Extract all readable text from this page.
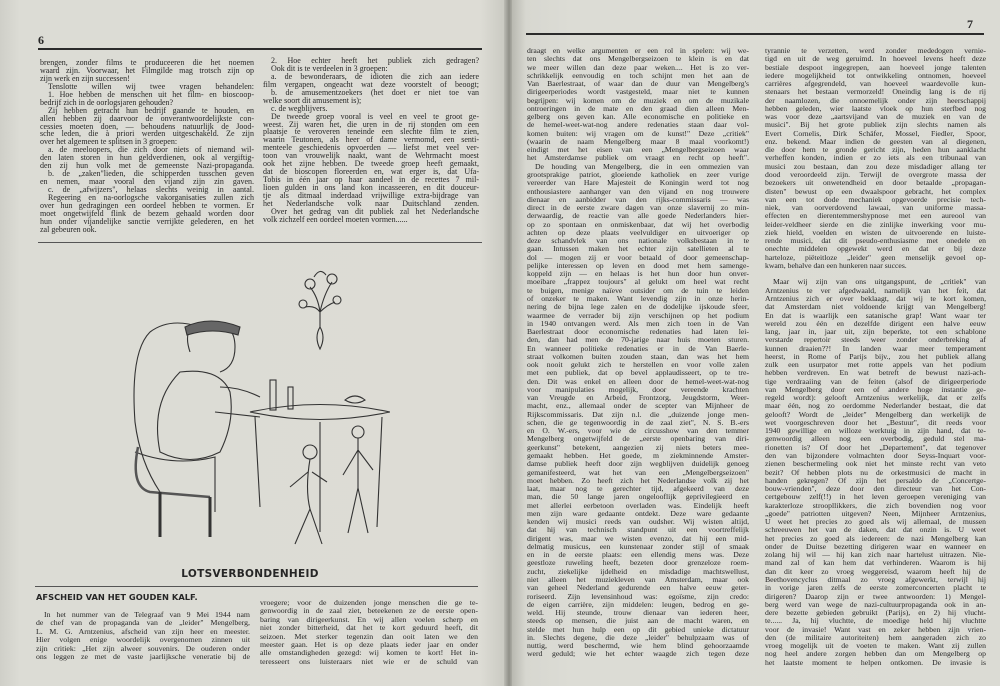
6
brengen, zonder films te produceeren die het noemen
waard zijn. Voorwaar, het Filmgilde mag trotsch zijn op
zijn werk en zijn successen!
Tenslotte willen wij twee vragen behandelen:
1. Hoe hebben de menschen uit het film- en bioscoop-
bedrijf zich in de oorlogsjaren gehouden?
Zij hebben getracht hun bedrijf gaande te houden, en
allen hebben zij daarvoor de onverantwoordelijkste con-
cessies moeten doen, — behoudens natuurlijk de Jood-
sche leden, die à priori werden uitgeschakeld. Ze zijn
over het algemeen te splitsen in 3 groepen:
a. de meeloopers, die zich door niets of niemand wil-
den laten storen in hun geldverdienen, ook al vergiftig-
den zij hun volk met de gemeenste Nazi-propaganda.
b. de „zaken"lieden, die schipperden tusschen geven
en nemen, maar vooral den vijand zijn zin gaven.
c. de „afwijzers", helaas slechts weinig in aantal.
Regeering en na-oorlogsche vakorganisaties zullen zich
over hun gedragingen een oordeel hebben te vormen. Er
moet ongetwijfeld flink de bezem gehaald worden door
hun onder vijandelijke sanctie verrijkte gelederen, en het
zal gebeuren ook.
2. Hoe echter heeft het publiek zich gedragen?
Ook dit is te verdeelen in 3 groepen:
a. de bewonderaars, de idioten die zich aan iedere
film vergapen, ongeacht wat deze voorstelt of beoogt;
b. de amusementzoekers (het doet er niet toe van
welke soort dit amusement is);
c. de wegblijvers.
De tweede groep vooral is veel en veel te groot ge-
weest. Zij waren het, die uren in de rij stonden om een
plaatsje te veroveren teneinde een slechte film te zien,
waarin Teutonen, als heer of dame vermomd, een senti-
menteele geschiedenis opvoerden — liefst met veel ver-
toon van vrouwelijk naakt, want de Wehrmacht moest
ook het zijne hebben. De tweede groep heeft gemaakt,
dat de bioscopen floreerden en, wat erger is, dat Ufa-
Tobis in één jaar op haar aandeel in de recettes 7 mil-
lioen gulden in ons land kon incasseeren, en dit douceur-
tje als ditmaal inderdaad vrijwillige extra-bijdrage van
het Nederlandsche volk naar Duitschland zenden.
Over het gedrag van dit publiek zal het Nederlandsche
volk zichzelf een oordeel moeten vormen......
LOTSVERBONDENHEID
AFSCHEID VAN HET GOUDEN KALF.
In het nummer van de Telegraaf van 9 Mei 1944 nam
de chef van de propaganda van de „leider" Mengelberg,
L. M. G. Arntzenius, afscheid van zijn heer en meester.
Hier volgen enige woordelijk overgenomen zinnen uit
zijn critiek: „Het zijn alweer souvenirs. De ouderen onder
ons leggen ze met de vaste jaarlijksche veneratie bij de
vroegere; voor de duizenden jonge menschen die ge te-
genwoordig in de zaal ziet, beteekenen ze de eerste open-
baring van dirigeerkunst. En wij allen voelen scherp en
niet zonder bitterheid, dat het te kort geduurd heeft, dit
seizoen. Met sterker tegenzin dan ooit laten we den
meester gaan. Het is op deze plaats ieder jaar en onder
alle omstandigheden gezegd: wij komen te kort! Het in-
teresseert ons luisteraars niet wie er de schuld van
7
draagt en welke argumenten er een rol in spelen: wij we-
ten slechts dat ons Mengelbergseizoen te klein is en dat
we meer willen dan deze paar weken.... Het is zo ver-
schrikkelijk eenvoudig en toch schijnt men het aan de
Van Baerlestraat, of waar dan de duur van Mengelberg's
dirigeerperiodes wordt vastgesteld, maar niet te kunnen
begrijpen: wij komen om de muziek en om de muzikale
ontroeringen in de mate en den graad dien alleen Men-
gelberg ons geven kan. Alle economische en politieke en
de hemel-weet-wat-nog andere redenaties staan daar vol-
komen buiten: wij vragen om de kunst!" Deze „critiek"
(waarin de naam Mengelberg maar 8 maal voorkomt!)
eindigt met het eisen van een „Mengelbergseizoen waar
het Amsterdamse publiek om vraagt en recht op heeft".
De houding van Mengelberg, die in een ommezien van
grootsprakige patriot, gloeiende katholiek en zeer vurige
vereerder van Hare Majesteit de Koningin werd tot nog
enthousiastere aanhanger van den vijand en nog trouwere
dienaar en aanbidder van den rijks-commissaris — was
direct in de eerste zware dagen van onze slavernij zo min-
derwaardig, de reactie van alle goede Nederlanders hier-
op zo spontaan en onmiskenbaar, dat wij het overbodig
achten op deze plaats veelvuldiger en uitvoeriger op
deze schandvlek van ons nationale volksbestaan in te
gaan. Intussen maken het echter zijn satellieten al te
dol — mogen zij er voor betaald of door gemeenschap-
pelijke interessen op leven en dood met hem samenge-
koppeld zijn — en helaas is het hun door hun onver-
moeibare „frappez toujours" al gelukt om heel wat recht
te buigen, menige naïeve outsider om de tuin te leiden
of onzeker te maken. Want levendig zijn in onze herin-
nering de bijna lege zalen en de dodelijke ijskoude sfeer,
waarmee de verrader bij zijn verschijnen op het podium
in 1940 ontvangen werd. Als men zich toen in de Van
Baerlestraat door economische redenaties had laten lei-
den, dan had men de 70-jarige naar huis moeten sturen.
En wanneer politieke redenaties er in de Van Baerle-
straat volkomen buiten zouden staan, dan was het hem
ook nooit gelukt zich te herstellen en voor volle zalen
met een publiek, dat op bevel applaudisseert, op te tre-
den. Dit was enkel en alleen door de hemel-weet-wat-nog
voor manipulaties mogelijk, door vereende krachten
van Vreugde en Arbeid, Frontzorg, Jeugdstorm, Weer-
macht, enz., allemaal onder de scepter van Mijnheer de
Rijkscommissaris. Dat zijn n.l. die „duizende jonge men-
schen, die ge tegenwoordig in de zaal ziet", N. S. B.-ers
en O. W.-ers, voor wie de circusshow van den temmer
Mengelberg ongetwijfeld de „eerste openbaring van diri-
geerkunst" betekent, aangezien zij niets beters mee-
gemaakt hebben. Het goede, m ziekminnende Amster-
damse publiek heeft door zijn wegblijven duidelijk genoeg
gemanifesteerd, wat het van een „Mengelbergseizoen"
moet hebben. Zo heeft zich het Nederlandse volk zij het
laat, maar nog te gerechter tijd, afgekeerd van deze
man, die 50 lange jaren ongelooflijk geprivilegieerd en
met allerlei eerbetoon overladen was. Eindelijk heeft
men zijn ware gedaante ontdekt. Deze ware gedaante
kenden wij musici reeds van oudsher. Wij wisten altijd,
dat hij van technisch standpunt uit een voortreffelijk
dirigent was, maar we wisten evenzo, dat hij een mid-
delmatig musicus, een kunstenaar zonder stijl of smaak
en in de eerste plaats: een ellendig mens was. Deze
geestloze ruweling heeft, bezeten door grenzeloze roem-
zucht, ziekelijke ijdelheid en misdadige machtswellust,
niet alleen het muziekleven van Amsterdam, maar ook
van geheel Nederland gedurende een halve eeuw geter-
roriseerd. Zijn levensinhoud was: egoïsme, zijn credo:
de eigen carrière, zijn middelen: leugen, bedrog en ge-
weld. Hij steunde, trouw dienaar van iederen heer,
steeds op mensen, die juist aan de macht waren, en
stelde met hun hulp een op dit gebied unieke dictatuur
in. Slechts degene, die deze „leider" behulpzaam was of
nuttig, werd beschermd, wie hem blind gehoorzaamde
werd geduld; wie het echter waagde zich tegen deze
tyrannie te verzetten, werd zonder mededogen vernie-
tigd en uit de weg geruimd. In hoeveel levens heeft deze
bestiale despoot ingegrepen, aan hoeveel jonge talenten
iedere mogelijkheid tot ontwikkeling ontnomen, hoeveel
carrières afgegrendeld, van hoeveel waardevolle kun-
stenaars het bestaan vermorzeld! Oneindig lang is de rij
der naamlozen, die onnoemelijk onder zijn heerschappij
hebben geleden, wier laatste vloek op hun sterfbed nog
was voor deze „aartsvijand van de muziek en van de
musici". Bij het grote publiek zijn slechts namen als
Evert Cornelis, Dirk Schäfer, Mossel, Fiedler, Spoor,
enz. bekend. Maar indien de geesten van al diegenen,
die door hem te gronde gericht zijn, heden hun aanklacht
verheffen konden, indien er zo iets als een tribunaal van
musici zou bestaan, dan zou deze misdadiger allang ter
dood veroordeeld zijn. Terwijl de overgrote massa der
bezoekers uit onwetendheid en door betaalde „propagan-
disten" bewust op een dwaalspoor gebracht, het complex
van een tot dode mechaniek opgevoerde precisie tech-
niek, van oorverdovend lawaai, van uniforme massa-
effecten en dierentemmershypnose met een aureool van
leider-veldheer sierde en die zinlijke inwerking voor mu-
ziek hield, voelden en wisten de uitvoerende en luiste-
rende musici, dat dit pseudo-enthusiasme met onedele en
onechte middelen opgewekt werd en dat er bij deze
harteloze, piëteitloze „leider" geen menselijk gevoel op-
kwam, behalve dan een hunkeren naar succes.
Maar wij zijn van ons uitgangspunt, de „critiek" van
Arntzenius te ver afgedwaald, namelijk van het feit, dat
Arntzenius zich er over beklaagt, dat wij te kort komen,
dat Amsterdam niet voldoende krijgt van Mengelberg!
En dat is waarlijk een satanische grap! Want waar ter
wereld zou één en dezelfde dirigent een halve eeuw
lang, jaar in, jaar uit, zijn beperkte, tot een schablone
verstarde repertoir steeds weer zonder onderbreking af
kunnen draaien??! In landen waar meer temperament
heerst, in Rome of Parijs bijv., zou het publiek allang
zulk een usurpator met rotte appels van het podium
hebben verdreven. En wat betreft de bewust nazi-ach-
tige verdraaiing van de feiten (alsof de dirigeerperiode
van Mengelberg door een of andere hoge instantie ge-
regeld wordt): gelooft Arntzenius werkelijk, dat er zelfs
maar één, nog zo oerdomme Nederlander bestaat, die dat
gelooft? Wordt de „leider" Mengelberg dan werkelijk de
wet voorgeschreven door het „Bestuur", dit reeds voor
1940 gewillige en willoze werktuig in zijn hand, dat te-
genwoordig alleen nog een overbodig, geduld stel ma-
rionetten is? Of door het „Departement", dat tegenover
den van bijzondere volmachten door Seyss-Inquart voor-
zienen beschermeling ook niet het minste recht van veto
bezit? Of hebben plots nu de orkestmusici de macht in
handen gekregen? Of zijn het persaldo de „Concertge-
bouw-vrienden", deze door den directeur van het Con-
certgebouw zelf(!!) in het leven geroepen vereniging van
karakterloze stroopllikkers, die zich bovendien nog voor
„goede" patriotten uitgeven? Neen, Mijnheer Arntzenius,
U weet het precies zo goed als wij allemaal, de mussen
schreeuwen het van de daken, dat dat onzin is. U weet
het precies zo goed als iedereen: de nazi Mengelberg kan
onder de Duitse bezetting dirigeren waar en wanneer en
zolang hij wil — hij kan zich naar hartelust uitrazen. Nie-
mand zal of kan hem dat verhinderen. Waarom is hij
dan dit keer zo vroeg weggereisd, waarom heeft hij de
Beethovencyclus ditmaal zo vroeg afgewerkt, terwijl hij
in vorige jaren zelfs de eerste zomerconcerten placht te
dirigeren? Daarop zijn er twee antwoorden: 1) Mengel-
berg werd van wege de nazi-cultuurpropaganda ook in an-
dere bezette gebieden gebruikt (Parijs), en 2) hij vlucht-
te...... Ja, hij vluchtte, de moedige held hij vluchtte
voor de invasie! Want vast en zeker hebben zijn vrien-
den (de militaire autoriteiten) hem aangeraden zich zo
vroeg mogelijk uit de voeten te maken. Want zij zullen
nog heel andere zorgen hebben dan om Mengelberg op
het laatste moment te helpen ontkomen. De invasie is
